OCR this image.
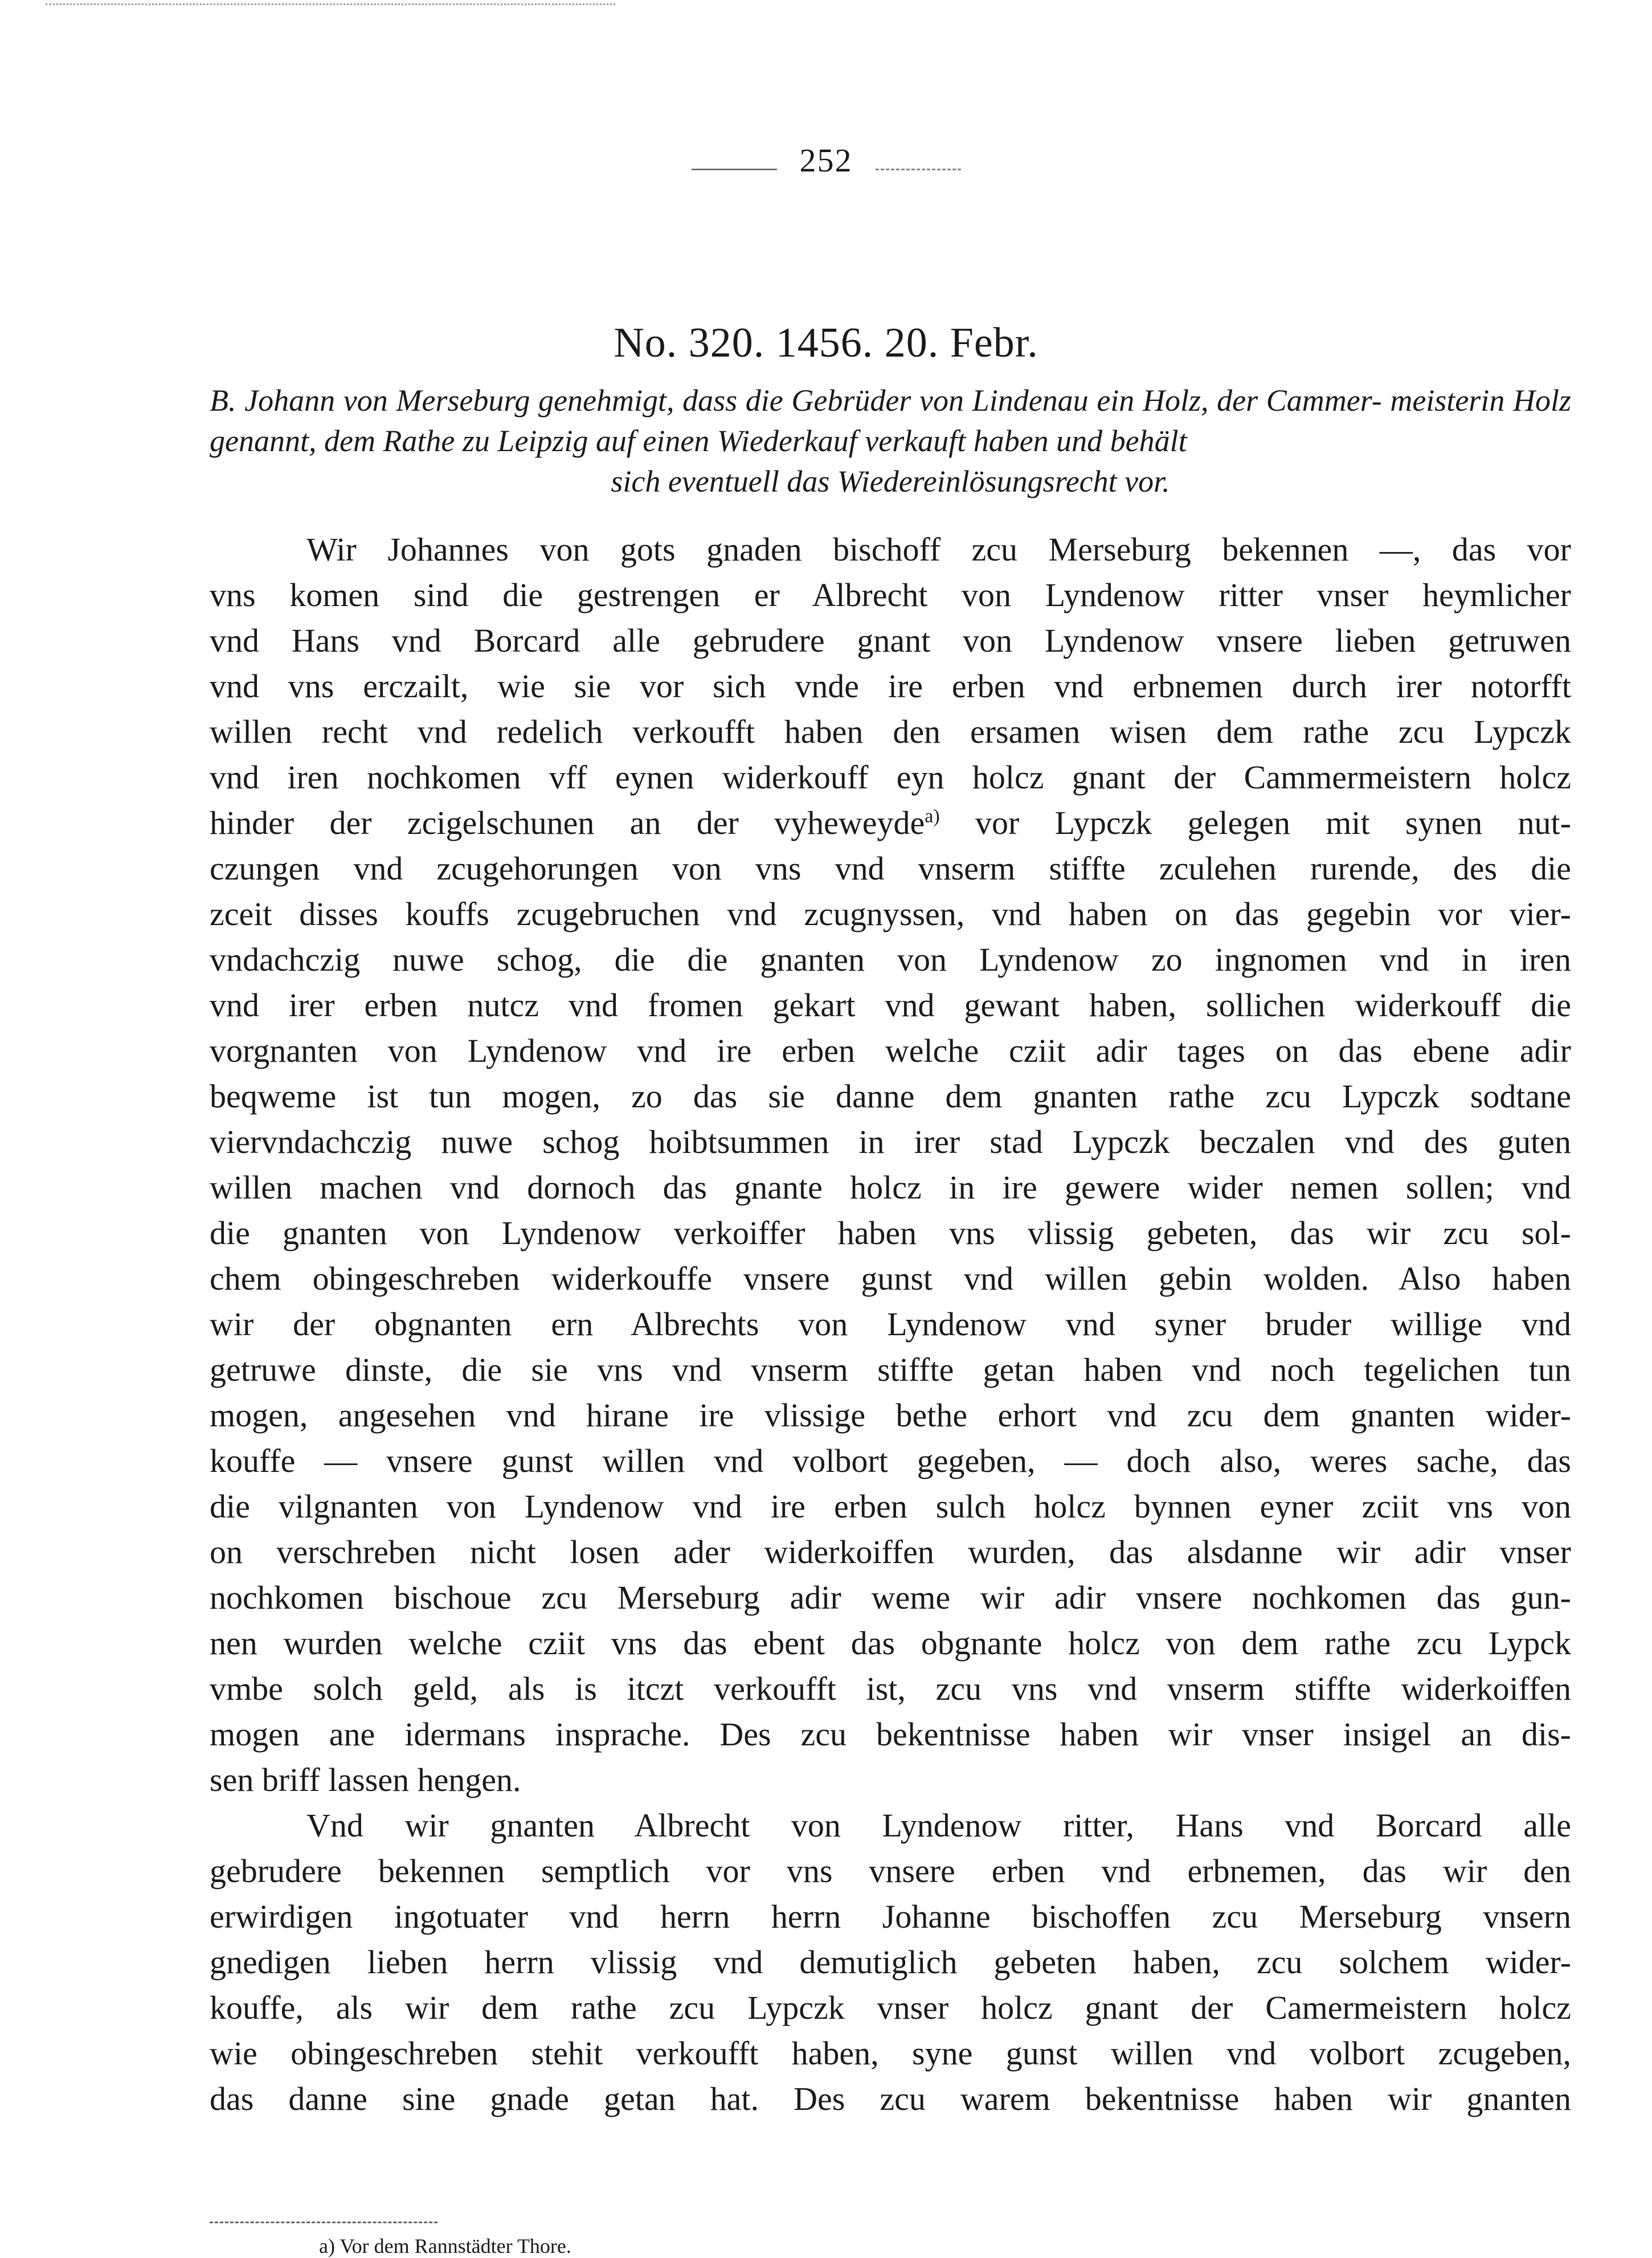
252
No. 320. 1456. 20. Febr.
B. Johann von Merseburg genehmigt, dass die Gebrüder von Lindenau ein Holz, der Cammer- meisterin Holz genannt, dem Rathe zu Leipzig auf einen Wiederkauf verkauft haben und behält
sich eventuell das Wiedereinlösungsrecht vor.
Wir Johannes von gots gnaden bischoff zcu Merseburg bekennen —, das vor
vns komen sind die gestrengen er Albrecht von Lyndenow ritter vnser heymlicher
vnd Hans vnd Borcard alle gebrudere gnant von Lyndenow vnsere lieben getruwen
vnd vns erczailt, wie sie vor sich vnde ire erben vnd erbnemen durch irer notorfft
willen recht vnd redelich verkoufft haben den ersamen wisen dem rathe zcu Lypczk
vnd iren nochkomen vff eynen widerkouff eyn holcz gnant der Cammermeistern holcz
hinder der zcigelschunen an der vyheweyde$^{a)}$ vor Lypczk gelegen mit synen nut-
czungen vnd zcugehorungen von vns vnd vnserm stiffte zculehen rurende, des die
zceit disses kouffs zcugebruchen vnd zcugnyssen, vnd haben on das gegebin vor vier-
vndachczig nuwe schog, die die gnanten von Lyndenow zo ingnomen vnd in iren
vnd irer erben nutcz vnd fromen gekart vnd gewant haben, sollichen widerkouff die
vorgnanten von Lyndenow vnd ire erben welche cziit adir tages on das ebene adir
beqweme ist tun mogen, zo das sie danne dem gnanten rathe zcu Lypczk sodtane
viervndachczig nuwe schog hoibtsummen in irer stad Lypczk beczalen vnd des guten
willen machen vnd dornoch das gnante holcz in ire gewere wider nemen sollen; vnd
die gnanten von Lyndenow verkoiffer haben vns vlissig gebeten, das wir zcu sol-
chem obingeschreben widerkouffe vnsere gunst vnd willen gebin wolden. Also haben
wir der obgnanten ern Albrechts von Lyndenow vnd syner bruder willige vnd
getruwe dinste, die sie vns vnd vnserm stiffte getan haben vnd noch tegelichen tun
mogen, angesehen vnd hirane ire vlissige bethe erhort vnd zcu dem gnanten wider-
kouffe — vnsere gunst willen vnd volbort gegeben, — doch also, weres sache, das
die vilgnanten von Lyndenow vnd ire erben sulch holcz bynnen eyner zciit vns von
on verschreben nicht losen ader widerkoiffen wurden, das alsdanne wir adir vnser
nochkomen bischoue zcu Merseburg adir weme wir adir vnsere nochkomen das gun-
nen wurden welche cziit vns das ebent das obgnante holcz von dem rathe zcu Lypck
vmbe solch geld, als is itczt verkoufft ist, zcu vns vnd vnserm stiffte widerkoiffen
mogen ane idermans insprache. Des zcu bekentnisse haben wir vnser insigel an dis-
sen briff lassen hengen.
Vnd wir gnanten Albrecht von Lyndenow ritter, Hans vnd Borcard alle
gebrudere bekennen semptlich vor vns vnsere erben vnd erbnemen, das wir den
erwirdigen ingotuater vnd herrn herrn Johanne bischoffen zcu Merseburg vnsern
gnedigen lieben herrn vlissig vnd demutiglich gebeten haben, zcu solchem wider-
kouffe, als wir dem rathe zcu Lypczk vnser holcz gnant der Camermeistern holcz
wie obingeschreben stehit verkoufft haben, syne gunst willen vnd volbort zcugeben,
das danne sine gnade getan hat. Des zcu warem bekentnisse haben wir gnanten
a) Vor dem Rannstädter Thore.
